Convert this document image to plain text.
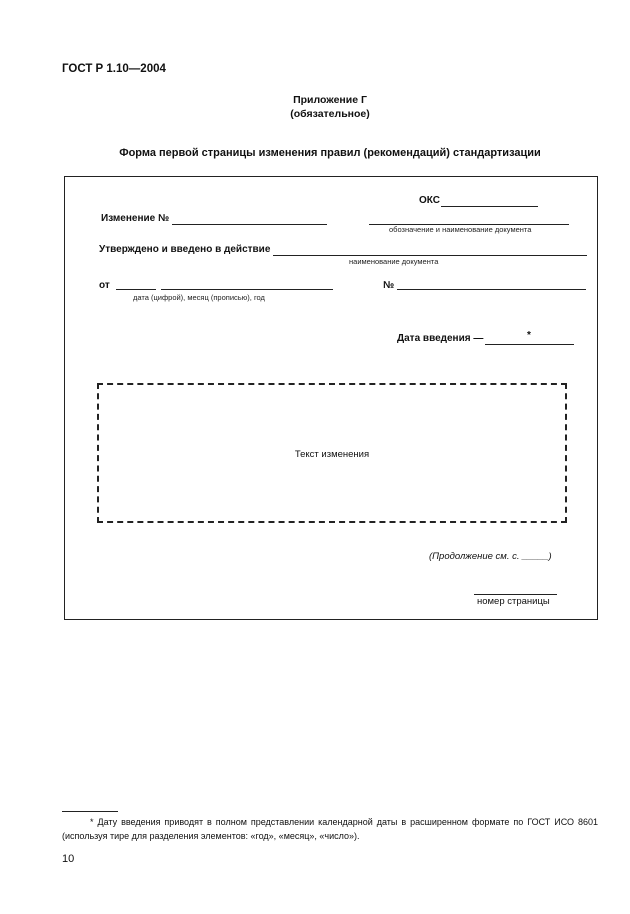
ГОСТ Р 1.10—2004
Приложение Г
(обязательное)
Форма первой страницы изменения правил (рекомендаций) стандартизации
ОКС
Изменение №
обозначение и наименование документа
Утверждено и введено в действие
наименование документа
от
дата (цифрой), месяц (прописью), год
№
Дата введения —	*
Текст изменения
(Продолжение см. с. _____)
номер страницы
* Дату введения приводят в полном представлении календарной даты в расширенном формате по ГОСТ ИСО 8601 (используя тире для разделения элементов: «год», «месяц», «число»).
10
